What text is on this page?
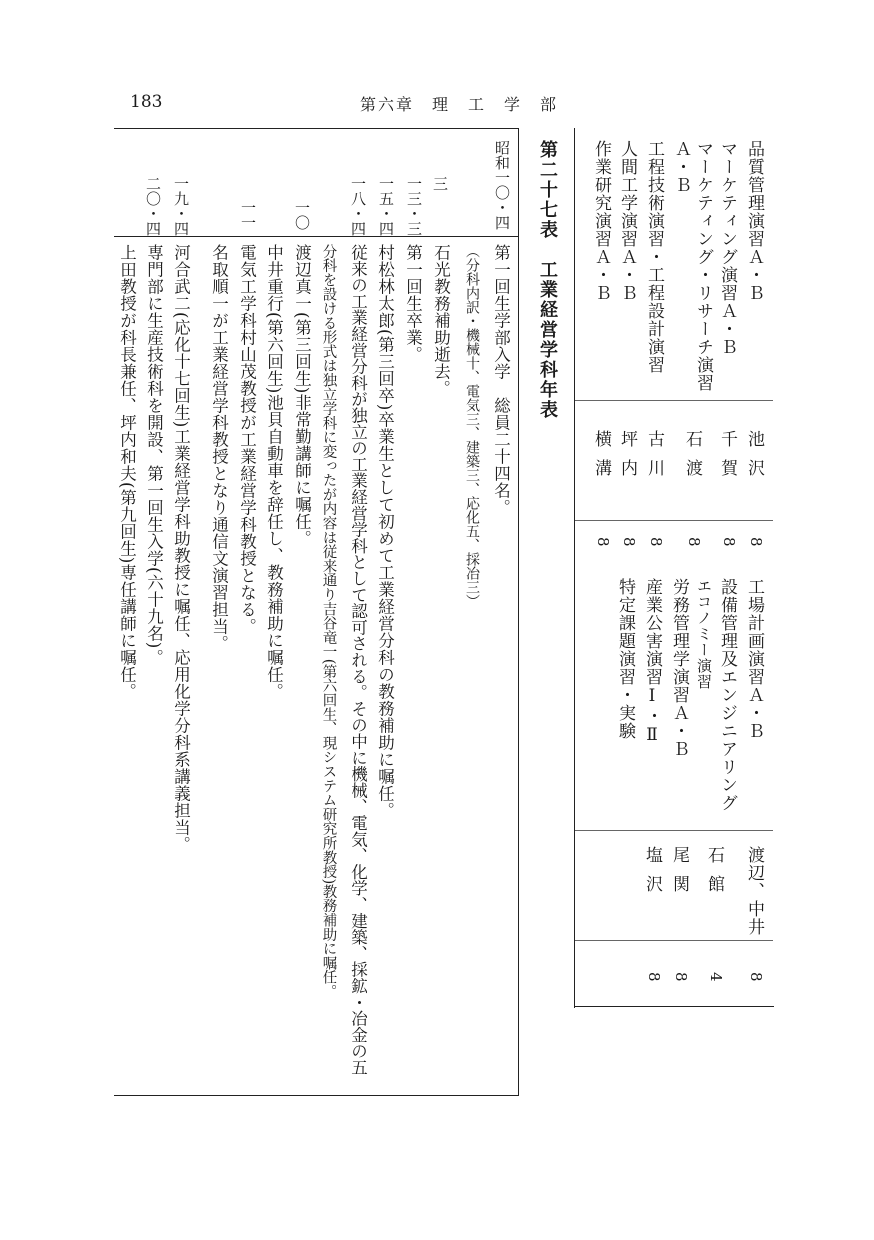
183	第六章　理　工　学　部
品質管理演習Ａ・Ｂ
マーケティング演習Ａ・Ｂ
マーケティング・リサーチ演習
Ａ・Ｂ
工程技術演習・工程設計演習
人間工学演習Ａ・Ｂ
作業研究演習Ａ・Ｂ
池沢
千賀
石渡
古川
坪内
横溝
8
8
8
8
8
8
工場計画演習Ａ・Ｂ
設備管理及エンジニアリング
エコノミー演習
労務管理学演習Ａ・Ｂ
産業公害演習Ⅰ・Ⅱ
特定課題演習・実験
渡辺、中井
石館
尾関
塩沢
8
4
8
8
第二十七表　工業経営学科年表
昭和一〇・四
三
一三・三
一五・四
一八・四
一〇
一一
一九・四
二〇・四
第一回生学部入学　総員二十四名。
（分科内訳・機械十、電気三、建築三、応化五、採冶三）
石光教務補助逝去。
第一回生卒業。
村松林太郎(第三回卒)卒業生として初めて工業経営分科の教務補助に嘱任。
従来の工業経営分科が独立の工業経営学科として認可される。その中に機械、電気、化学、建築、採鉱・冶金の五
分科を設ける形式は独立学科に変ったが内容は従来通り吉谷竜一(第六回生、現システム研究所教授)教務補助に嘱任。
渡辺真一(第三回生)非常勤講師に嘱任。
中井重行(第六回生)池貝自動車を辞任し、教務補助に嘱任。
電気工学科村山茂教授が工業経営学科教授となる。
名取順一が工業経営学科教授となり通信文演習担当。
河合武二(応化十七回生)工業経営学科助教授に嘱任、応用化学分科系講義担当。
専門部に生産技術科を開設、第一回生入学(六十九名)。
上田教授が科長兼任、坪内和夫(第九回生)専任講師に嘱任。
